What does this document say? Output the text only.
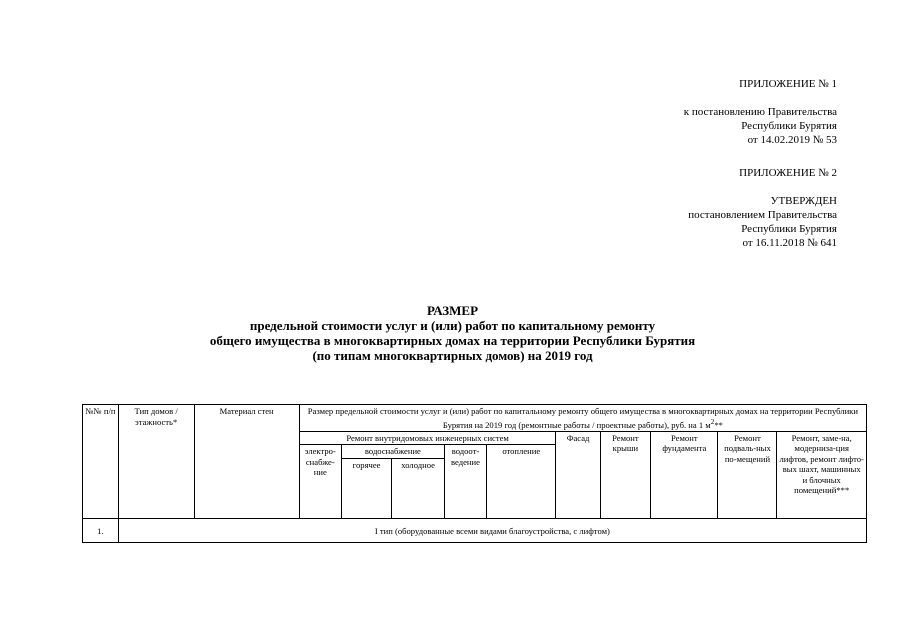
ПРИЛОЖЕНИЕ № 1
к постановлению Правительства
Республики Бурятия
от 14.02.2019 № 53
ПРИЛОЖЕНИЕ № 2
УТВЕРЖДЕН
постановлением Правительства
Республики Бурятия
от 16.11.2018 № 641
РАЗМЕР
предельной стоимости услуг и (или) работ по капитальному ремонту
общего имущества в многоквартирных домах на территории Республики Бурятия
(по типам многоквартирных домов) на 2019 год
№№ п/п	Тип домов / этажность*	Материал стен	Размер предельной стоимости услуг и (или) работ по капитальному ремонту общего имущества в многоквартирных домах на территории Республики Бурятия на 2019 год (ремонтные работы / проектные работы), руб. на 1 $м^2**$									
			Ремонт внутридомовых инженерных систем					Фасад	Ремонт крыши	Ремонт фундамента	Ремонт подваль-ных по-мещений	Ремонт, заме-на, модерниза-ция лифтов, ремонт лифто-вых шахт, машинных и блочных помещений***
			электро-снабже-ние	водоснабжение		водоот-ведение	отопление					
				горячее	холодное							
1.	I тип (оборудованные всеми видами благоустройства, с лифтом)											
